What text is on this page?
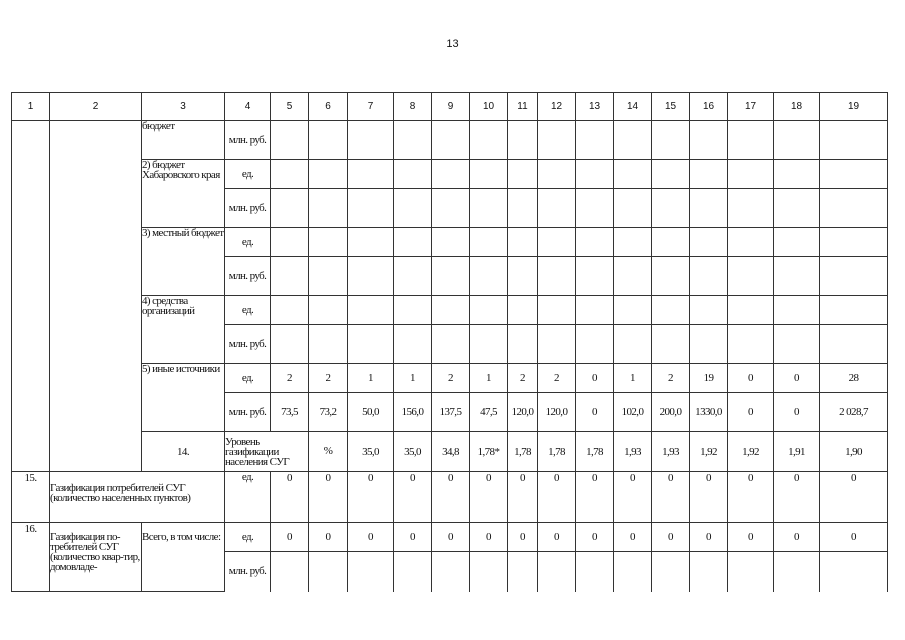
13
1	2	3	4	5	6	7	8	9	10	11	12	13	14	15	16	17	18	19	
		бюджет	млн. руб.																
		2) бюджет Хабаровского края	ед.																
			млн. руб.																
		3) местный бюджет	ед.																
			млн. руб.																
		4) средства организаций	ед.																
			млн. руб.																
		5) иные источники	ед.	2	2	1	1	2	1	2	2	0	1	2	19	0	0	28	
			млн. руб.	73,5	73,2	50,0	156,0	137,5	47,5	120,0	120,0	0	102,0	200,0	1330,0	0	0	2 028,7	
		14.	Уровень газификации населения СУГ		%	35,0	35,0	34,8	1,78*	1,78	1,78	1,78	1,93	1,93	1,92	1,92	1,91	1,90		
15.	Газификация потребителей СУГ (количество населенных пунктов)		ед.	0	0	0	0	0	0	0	0	0	0	0	0	0	0	0	
16.	Газификация по-требителей СУГ (количество квар-тир, домовладе-	Всего, в том числе:	ед.	0	0	0	0	0	0	0	0	0	0	0	0	0	0	0	
			млн. руб.																
